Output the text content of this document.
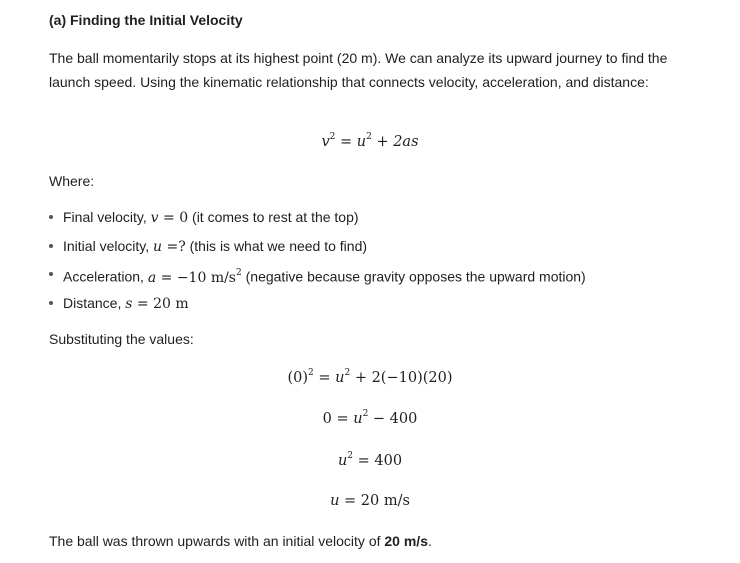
(a) Finding the Initial Velocity
The ball momentarily stops at its highest point (20 m). We can analyze its upward journey to find the launch speed. Using the kinematic relationship that connects velocity, acceleration, and distance:
Where:
Final velocity, v = 0 (it comes to rest at the top)
Initial velocity, u =? (this is what we need to find)
Acceleration, a = −10 $m/s^2$ (negative because gravity opposes the upward motion)
Distance, s = 20 m
Substituting the values:
The ball was thrown upwards with an initial velocity of 20 m/s.
$v^2 = u^2 + 2as$
$(0)^2 = u^2 + 2(-10)(20)$
$0 = u^2 - 400$
$u^2 = 400$
u = 20 m/s
